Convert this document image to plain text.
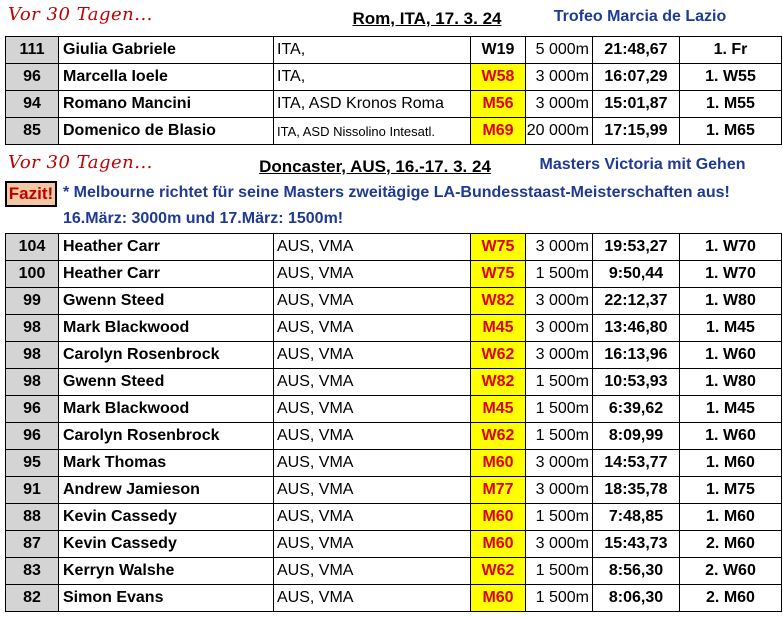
Vor 30 Tagen...	Rom, ITA, 17. 3. 24	Trofeo Marcia de Lazio
111	Giulia Gabriele	ITA,	W19	5 000m	21:48,67	1. Fr
96	Marcella Ioele	ITA,	W58	3 000m	16:07,29	1. W55
94	Romano Mancini	ITA, ASD Kronos Roma	M56	3 000m	15:01,87	1. M55
85	Domenico de Blasio	ITA, ASD Nissolino Intesatl.	M69	20 000m	17:15,99	1. M65
Vor 30 Tagen...	Doncaster, AUS, 16.-17. 3. 24	Masters Victoria mit Gehen
Fazit! * Melbourne richtet für seine Masters zweitägige LA-Bundesstaast-Meisterschaften aus!
16.März: 3000m und 17.März: 1500m!
104	Heather Carr	AUS, VMA	W75	3 000m	19:53,27	1. W70
100	Heather Carr	AUS, VMA	W75	1 500m	9:50,44	1. W70
99	Gwenn Steed	AUS, VMA	W82	3 000m	22:12,37	1. W80
98	Mark Blackwood	AUS, VMA	M45	3 000m	13:46,80	1. M45
98	Carolyn Rosenbrock	AUS, VMA	W62	3 000m	16:13,96	1. W60
98	Gwenn Steed	AUS, VMA	W82	1 500m	10:53,93	1. W80
96	Mark Blackwood	AUS, VMA	M45	1 500m	6:39,62	1. M45
96	Carolyn Rosenbrock	AUS, VMA	W62	1 500m	8:09,99	1. W60
95	Mark Thomas	AUS, VMA	M60	3 000m	14:53,77	1. M60
91	Andrew Jamieson	AUS, VMA	M77	3 000m	18:35,78	1. M75
88	Kevin Cassedy	AUS, VMA	M60	1 500m	7:48,85	1. M60
87	Kevin Cassedy	AUS, VMA	M60	3 000m	15:43,73	2. M60
83	Kerryn Walshe	AUS, VMA	W62	1 500m	8:56,30	2. W60
82	Simon Evans	AUS, VMA	M60	1 500m	8:06,30	2. M60
